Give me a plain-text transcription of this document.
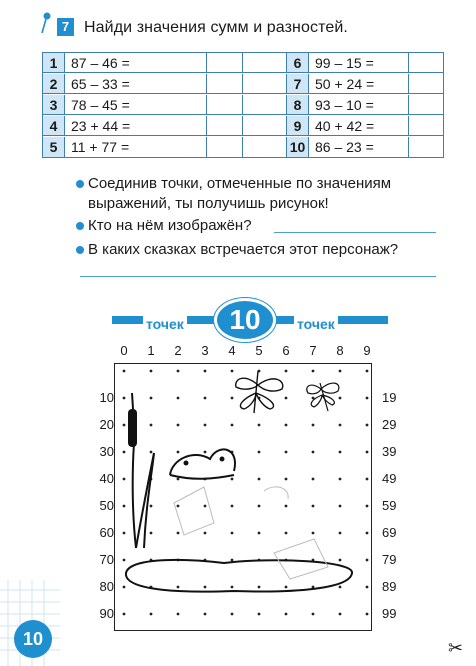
7 Найди значения сумм и разностей.
1 87 – 46 =	6 99 – 15 =
2 65 – 33 =	7 50 + 24 =
3 78 – 45 =	8 93 – 10 =
4 23 + 44 =	9 40 + 42 =
5 11 + 77 =	10 86 – 23 =
Соединив точки, отмеченные по значениям
выражений, ты получишь рисунок!
Кто на нём изображён?
В каких сказках встречается этот персонаж?
точек	точек
10
0	1	2	3	4	5	6	7	8	9
10
20
30
40
50
60
70
80
90
19
29
39
49
59
69
79
89
99
10	✂
